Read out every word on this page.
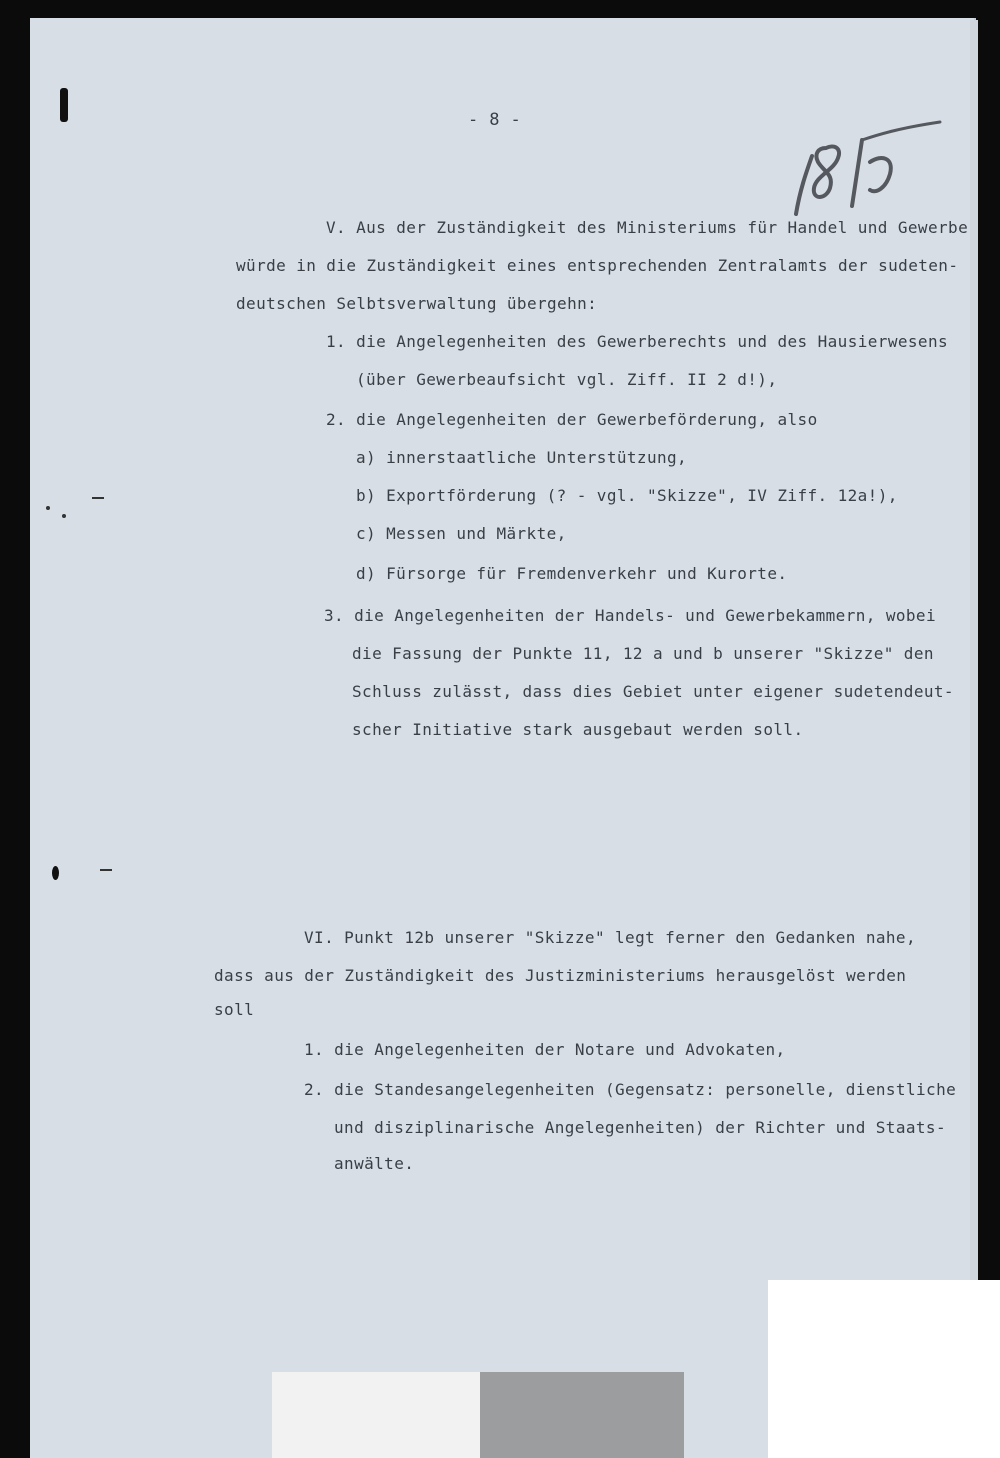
- 8 -
V. Aus der Zuständigkeit des Ministeriums für Handel und Gewerbe
würde in die Zuständigkeit eines entsprechenden Zentralamts der sudeten-
deutschen Selbtsverwaltung übergehn:
1. die Angelegenheiten des Gewerberechts und des Hausierwesens
(über Gewerbeaufsicht vgl. Ziff. II 2 d!),
2. die Angelegenheiten der Gewerbeförderung, also
a) innerstaatliche Unterstützung,
b) Exportförderung (? - vgl. "Skizze", IV Ziff. 12a!),
c) Messen und Märkte,
d) Fürsorge für Fremdenverkehr und Kurorte.
3. die Angelegenheiten der Handels- und Gewerbekammern, wobei
die Fassung der Punkte 11, 12 a und b unserer "Skizze" den
Schluss zulässt, dass dies Gebiet unter eigener sudetendeut-
scher Initiative stark ausgebaut werden soll.
VI. Punkt 12b unserer "Skizze" legt ferner den Gedanken nahe,
dass aus der Zuständigkeit des Justizministeriums herausgelöst werden
soll
1. die Angelegenheiten der Notare und Advokaten,
2. die Standesangelegenheiten (Gegensatz: personelle, dienstliche
und disziplinarische Angelegenheiten) der Richter und Staats-
anwälte.
